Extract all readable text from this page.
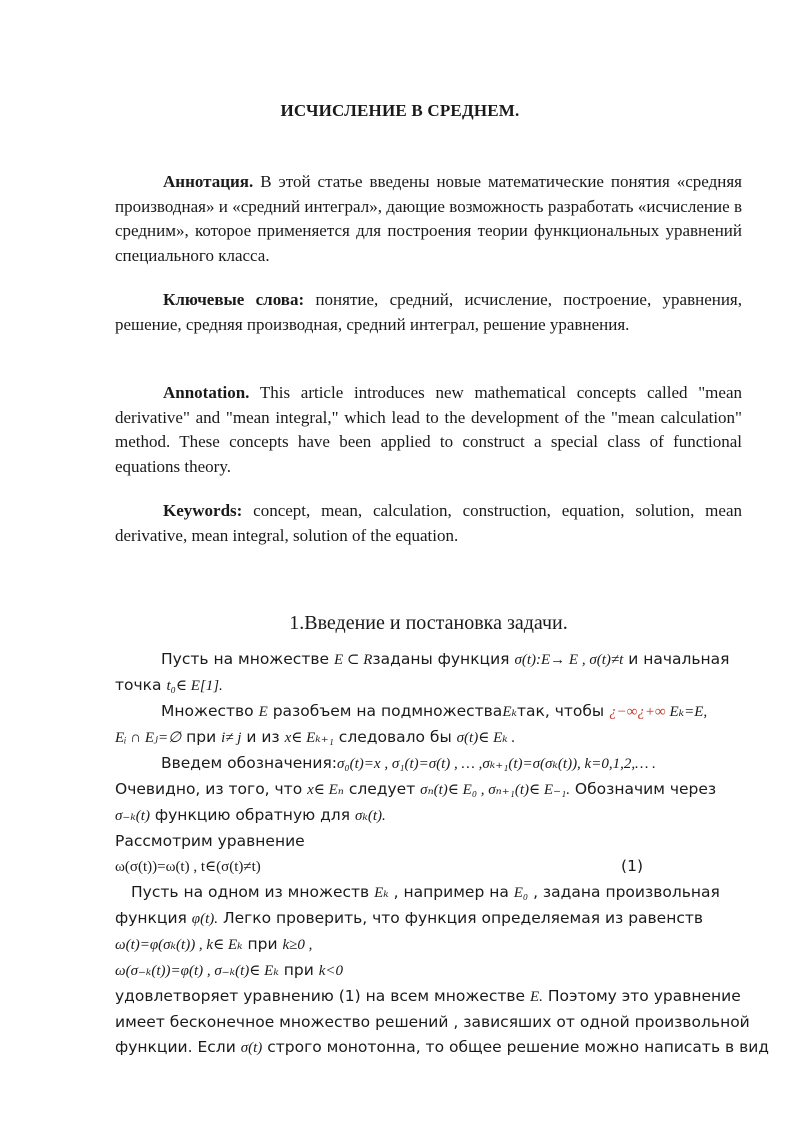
ИСЧИСЛЕНИЕ В СРЕДНЕМ.

Аннотация. В этой статье введены новые математические понятия «средняя производная» и «средний интеграл», дающие возможность разработать «исчисление в средним», которое применяется для построения теории функциональных уравнений специального класса.

Ключевые слова: понятие, средний, исчисление, построение, уравнения, решение, средняя производная, средний интеграл, решение уравнения.

Annotation. This article introduces new mathematical concepts called "mean derivative" and "mean integral," which lead to the development of the "mean calculation" method. These concepts have been applied to construct a special class of functional equations theory.

Keywords: concept, mean, calculation, construction, equation, solution, mean derivative, mean integral, solution of the equation.

1.Введение и постановка задачи.
Пусть на множестве E ⊂ Rзаданы функция σ(t):E→ E , σ(t)≠t и начальная
точка t₀∈ E[1].
Множество E разобъем на подмножестваEₖтак, чтобы ¿−∞¿+∞ Eₖ=E,
Eᵢ ∩ Eⱼ=∅ при i≠ j и из x∈ Eₖ₊₁ следовало бы σ(t)∈ Eₖ .
Введем обозначения:σ₀(t)=x , σ₁(t)=σ(t) , … ,σₖ₊₁(t)=σ(σₖ(t)), k=0,1,2,… .
Очевидно, из того, что x∈ Eₙ следует σₙ(t)∈ E₀ , σₙ₊₁(t)∈ E₋₁. Обозначим через
σ₋ₖ(t) функцию обратную для σₖ(t).
Рассмотрим уравнение
ω(σ(t))=ω(t) , t∈(σ(t)≠t)	(1)
Пусть на одном из множеств Eₖ , например на E₀ , задана произвольная
функция φ(t). Легко проверить, что функция определяемая из равенств
ω(t)=φ(σₖ(t)) , k∈ Eₖ при k≥0 ,
ω(σ₋ₖ(t))=φ(t) , σ₋ₖ(t)∈ Eₖ при k<0
удовлетворяет уравнению (1) на всем множестве E. Поэтому это уравнение
имеет бесконечное множество решений , зависяших от одной произвольной
функции. Если σ(t) строго монотонна, то общее решение можно написать в вид
